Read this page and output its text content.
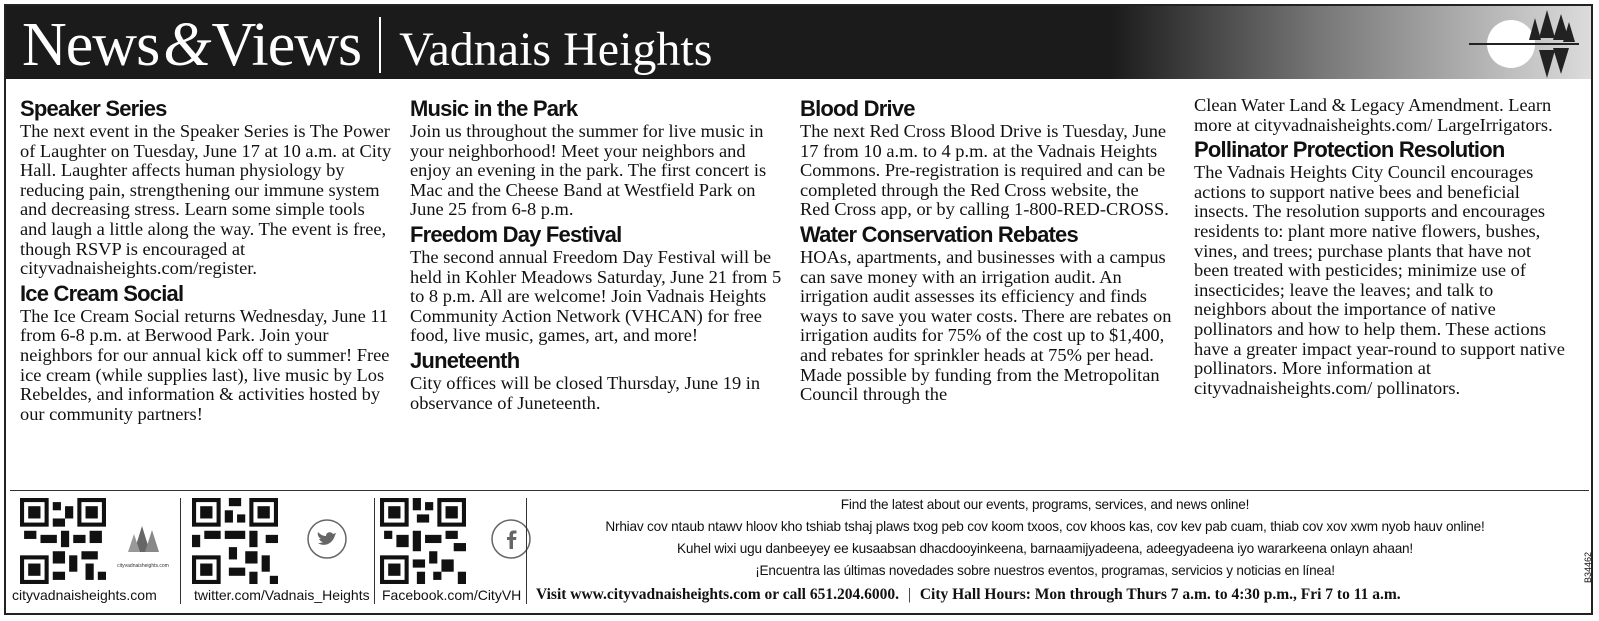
News &Views Vadnais Heights
Speaker Series

The next event in the Speaker Series is The Power of Laughter on Tuesday, June 17 at 10 a.m. at City Hall. Laughter affects human physiology by reducing pain, strengthening our immune system and decreasing stress. Learn some simple tools and laugh a little along the way. The event is free, though RSVP is encouraged at cityvadnaisheights.com/register.

Ice Cream Social

The Ice Cream Social returns Wednesday, June 11 from 6-8 p.m. at Berwood Park. Join your neighbors for our annual kick off to summer! Free ice cream (while supplies last), live music by Los Rebeldes, and information & activities hosted by our community partners!

Music in the Park

Join us throughout the summer for live music in your neighborhood! Meet your neighbors and enjoy an evening in the park. The first concert is Mac and the Cheese Band at Westfield Park on June 25 from 6-8 p.m.

Freedom Day Festival

The second annual Freedom Day Festival will be held in Kohler Meadows Saturday, June 21 from 5 to 8 p.m. All are welcome! Join Vadnais Heights Community Action Network (VHCAN) for free food, live music, games, art, and more!

Juneteenth

City offices will be closed Thursday, June 19 in observance of Juneteenth.

Blood Drive

The next Red Cross Blood Drive is Tuesday, June 17 from 10 a.m. to 4 p.m. at the Vadnais Heights Commons. Pre-registration is required and can be completed through the Red Cross website, the Red Cross app, or by calling 1-800-RED-CROSS.

Water Conservation Rebates

HOAs, apartments, and businesses with a campus can save money with an irrigation audit. An irrigation audit assesses its efficiency and finds ways to save you water costs. There are rebates on irrigation audits for 75% of the cost up to $1,400, and rebates for sprinkler heads at 75% per head. Made possible by funding from the Metropolitan Council through the

Clean Water Land & Legacy Amendment. Learn more at cityvadnaisheights.com/ LargeIrrigators.

Pollinator Protection Resolution

The Vadnais Heights City Council encourages actions to support native bees and beneficial insects. The resolution supports and encourages residents to: plant more native flowers, bushes, vines, and trees; purchase plants that have not been treated with pesticides; minimize use of insecticides; leave the leaves; and talk to neighbors about the importance of native pollinators and how to help them. These actions have a greater impact year-round to support native pollinators. More information at cityvadnaisheights.com/ pollinators.

cityvadnaisheights.com
cityvadnaisheights.com	twitter.com/Vadnais_Heights Facebook.com/CityVH
Find the latest about our events, programs, services, and news online!
Nrhiav cov ntaub ntawv hloov kho tshiab tshaj plaws txog peb cov koom txoos, cov khoos kas, cov kev pab cuam, thiab cov xov xwm nyob hauv online!
Kuhel wixi ugu danbeeyey ee kusaabsan dhacdooyinkeena, barnaamijyadeena, adeegyadeena iyo wararkeena onlayn ahaan!
¡Encuentra las últimas novedades sobre nuestros eventos, programas, servicios y noticias en línea!
Visit www.cityvadnaisheights.com or call 651.204.6000. | City Hall Hours: Mon through Thurs 7 a.m. to 4:30 p.m., Fri 7 to 11 a.m.
B34462
